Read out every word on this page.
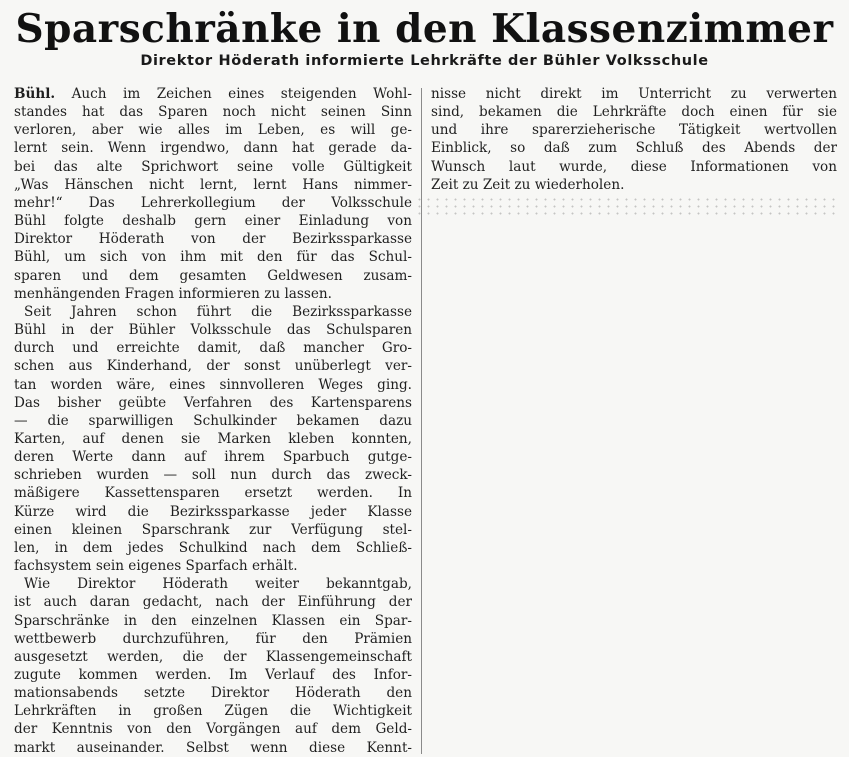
Sparschränke in den Klassenzimmer
Direktor Höderath informierte Lehrkräfte der Bühler Volksschule
Bühl. Auch im Zeichen eines steigenden Wohl-
standes hat das Sparen noch nicht seinen Sinn
verloren, aber wie alles im Leben, es will ge-
lernt sein. Wenn irgendwo, dann hat gerade da-
bei das alte Sprichwort seine volle Gültigkeit
„Was Hänschen nicht lernt, lernt Hans nimmer-
mehr!“ Das Lehrerkollegium der Volksschule
Bühl folgte deshalb gern einer Einladung von
Direktor Höderath von der Bezirkssparkasse
Bühl, um sich von ihm mit den für das Schul-
sparen und dem gesamten Geldwesen zusam-
menhängenden Fragen informieren zu lassen.
Seit Jahren schon führt die Bezirkssparkasse
Bühl in der Bühler Volksschule das Schulsparen
durch und erreichte damit, daß mancher Gro-
schen aus Kinderhand, der sonst unüberlegt ver-
tan worden wäre, eines sinnvolleren Weges ging.
Das bisher geübte Verfahren des Kartensparens
— die sparwilligen Schulkinder bekamen dazu
Karten, auf denen sie Marken kleben konnten,
deren Werte dann auf ihrem Sparbuch gutge-
schrieben wurden — soll nun durch das zweck-
mäßigere Kassettensparen ersetzt werden. In
Kürze wird die Bezirkssparkasse jeder Klasse
einen kleinen Sparschrank zur Verfügung stel-
len, in dem jedes Schulkind nach dem Schließ-
fachsystem sein eigenes Sparfach erhält.
Wie Direktor Höderath weiter bekanntgab,
ist auch daran gedacht, nach der Einführung der
Sparschränke in den einzelnen Klassen ein Spar-
wettbewerb durchzuführen, für den Prämien
ausgesetzt werden, die der Klassengemeinschaft
zugute kommen werden. Im Verlauf des Infor-
mationsabends setzte Direktor Höderath den
Lehrkräften in großen Zügen die Wichtigkeit
der Kenntnis von den Vorgängen auf dem Geld-
markt auseinander. Selbst wenn diese Kennt-
nisse nicht direkt im Unterricht zu verwerten
sind, bekamen die Lehrkräfte doch einen für sie
und ihre sparerzieherische Tätigkeit wertvollen
Einblick, so daß zum Schluß des Abends der
Wunsch laut wurde, diese Informationen von
Zeit zu Zeit zu wiederholen.
